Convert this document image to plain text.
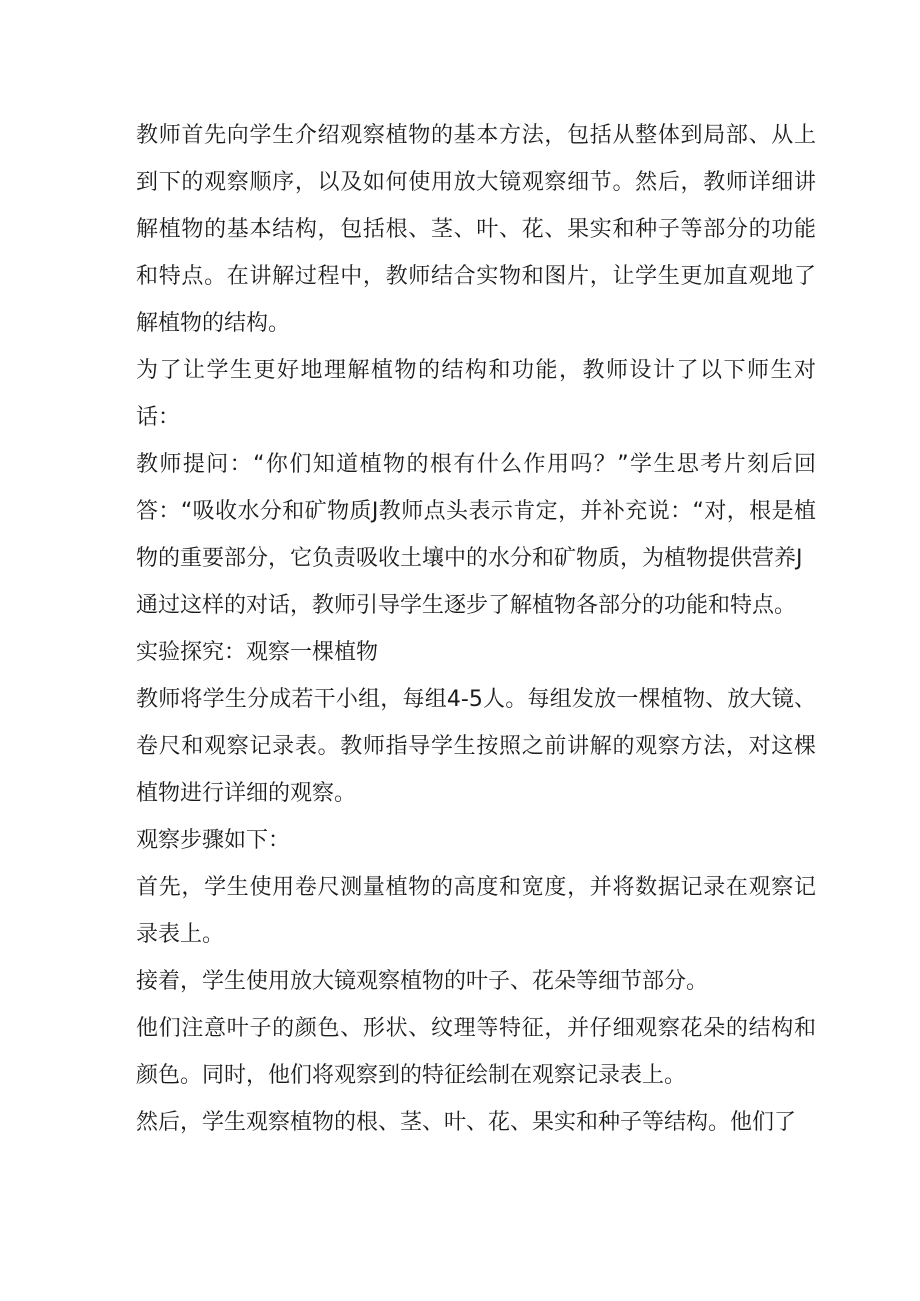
教师首先向学生介绍观察植物的基本方法，包括从整体到局部、从上到下的观察顺序，以及如何使用放大镜观察细节。然后，教师详细讲解植物的基本结构，包括根、茎、叶、花、果实和种子等部分的功能和特点。在讲解过程中，教师结合实物和图片，让学生更加直观地了解植物的结构。

为了让学生更好地理解植物的结构和功能，教师设计了以下师生对话：

教师提问：“你们知道植物的根有什么作用吗？”学生思考片刻后回答：“吸收水分和矿物质J教师点头表示肯定，并补充说：“对，根是植物的重要部分，它负责吸收土壤中的水分和矿物质，为植物提供营养J

通过这样的对话，教师引导学生逐步了解植物各部分的功能和特点。

实验探究：观察一棵植物

教师将学生分成若干小组，每组4-5人。每组发放一棵植物、放大镜、卷尺和观察记录表。教师指导学生按照之前讲解的观察方法，对这棵植物进行详细的观察。

观察步骤如下：

首先，学生使用卷尺测量植物的高度和宽度，并将数据记录在观察记录表上。

接着，学生使用放大镜观察植物的叶子、花朵等细节部分。

他们注意叶子的颜色、形状、纹理等特征，并仔细观察花朵的结构和颜色。同时，他们将观察到的特征绘制在观察记录表上。

然后，学生观察植物的根、茎、叶、花、果实和种子等结构。他们了
